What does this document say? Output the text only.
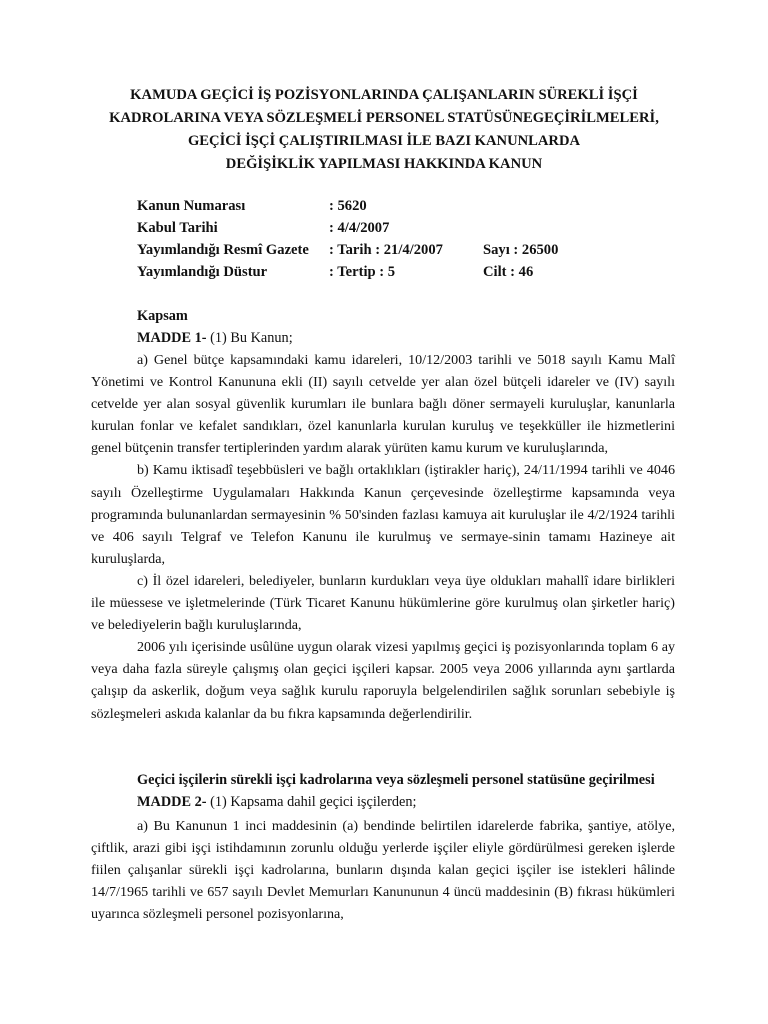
KAMUDA GEÇİCİ İŞ POZİSYONLARINDA ÇALIŞANLARIN SÜREKLİ İŞÇİ
KADROLARINA VEYA SÖZLEŞMELİ PERSONEL STATÜSÜNEGEÇİRİLMELERİ,
GEÇİCİ İŞÇİ ÇALIŞTIRILMASI İLE BAZI KANUNLARDA
DEĞİŞİKLİK YAPILMASI HAKKINDA KANUN
Kanun Numarası	: 5620
Kabul Tarihi	: 4/4/2007
Yayımlandığı Resmî Gazete : Tarih : 21/4/2007	Sayı : 26500
Yayımlandığı Düstur	: Tertip : 5	Cilt : 46
Kapsam
MADDE 1- (1) Bu Kanun;

a) Genel bütçe kapsamındaki kamu idareleri, 10/12/2003 tarihli ve 5018 sayılı Kamu Malî Yönetimi ve Kontrol Kanununa ekli (II) sayılı cetvelde yer alan özel bütçeli idareler ve (IV) sayılı cetvelde yer alan sosyal güvenlik kurumları ile bunlara bağlı döner sermayeli kuruluşlar, kanunlarla kurulan fonlar ve kefalet sandıkları, özel kanunlarla kurulan kuruluş ve teşekküller ile hizmetlerini genel bütçenin transfer tertiplerinden yardım alarak yürüten kamu kurum ve kuruluşlarında,

b) Kamu iktisadî teşebbüsleri ve bağlı ortaklıkları (iştirakler hariç), 24/11/1994 tarihli ve 4046 sayılı Özelleştirme Uygulamaları Hakkında Kanun çerçevesinde özelleştirme kapsamında veya programında bulunanlardan sermayesinin % 50'sinden fazlası kamuya ait kuruluşlar ile 4/2/1924 tarihli ve 406 sayılı Telgraf ve Telefon Kanunu ile kurulmuş ve sermaye-sinin tamamı Hazineye ait kuruluşlarda,

c) İl özel idareleri, belediyeler, bunların kurdukları veya üye oldukları mahallî idare birlikleri ile müessese ve işletmelerinde (Türk Ticaret Kanunu hükümlerine göre kurulmuş olan şirketler hariç) ve belediyelerin bağlı kuruluşlarında,

2006 yılı içerisinde usûlüne uygun olarak vizesi yapılmış geçici iş pozisyonlarında toplam 6 ay veya daha fazla süreyle çalışmış olan geçici işçileri kapsar. 2005 veya 2006 yıllarında aynı şartlarda çalışıp da askerlik, doğum veya sağlık kurulu raporuyla belgelendirilen sağlık sorunları sebebiyle iş sözleşmeleri askıda kalanlar da bu fıkra kapsamında değerlendirilir.

Geçici işçilerin sürekli işçi kadrolarına veya sözleşmeli personel statüsüne geçirilmesi
MADDE 2- (1) Kapsama dahil geçici işçilerden;

a) Bu Kanunun 1 inci maddesinin (a) bendinde belirtilen idarelerde fabrika, şantiye, atölye, çiftlik, arazi gibi işçi istihdamının zorunlu olduğu yerlerde işçiler eliyle gördürülmesi gereken işlerde fiilen çalışanlar sürekli işçi kadrolarına, bunların dışında kalan geçici işçiler ise istekleri hâlinde 14/7/1965 tarihli ve 657 sayılı Devlet Memurları Kanununun 4 üncü maddesinin (B) fıkrası hükümleri uyarınca sözleşmeli personel pozisyonlarına,
